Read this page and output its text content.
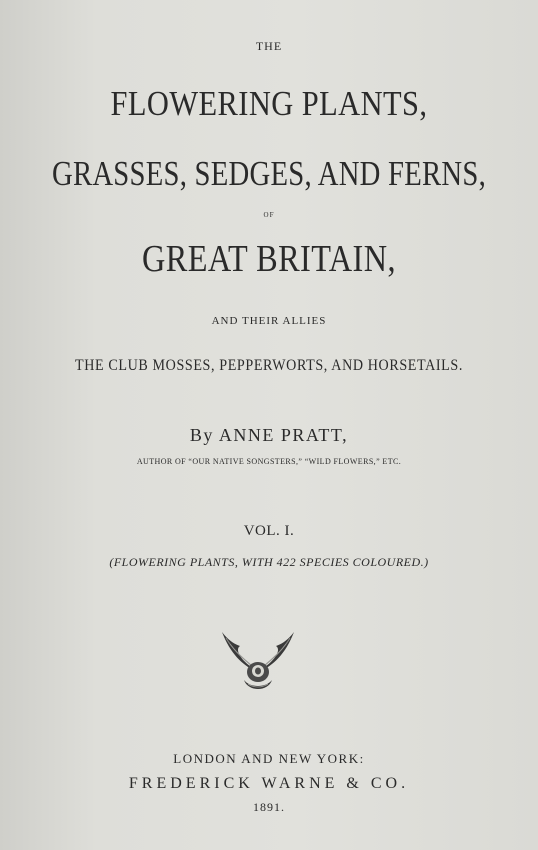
THE
FLOWERING PLANTS,
GRASSES, SEDGES, AND FERNS,
OF
GREAT BRITAIN,
AND THEIR ALLIES
THE CLUB MOSSES, PEPPERWORTS, AND HORSETAILS.
By ANNE PRATT,
AUTHOR OF “OUR NATIVE SONGSTERS,” “WILD FLOWERS,” ETC.
VOL. I.
(FLOWERING PLANTS, WITH 422 SPECIES COLOURED.)
LONDON AND NEW YORK:
FREDERICK WARNE & CO.
1891.
